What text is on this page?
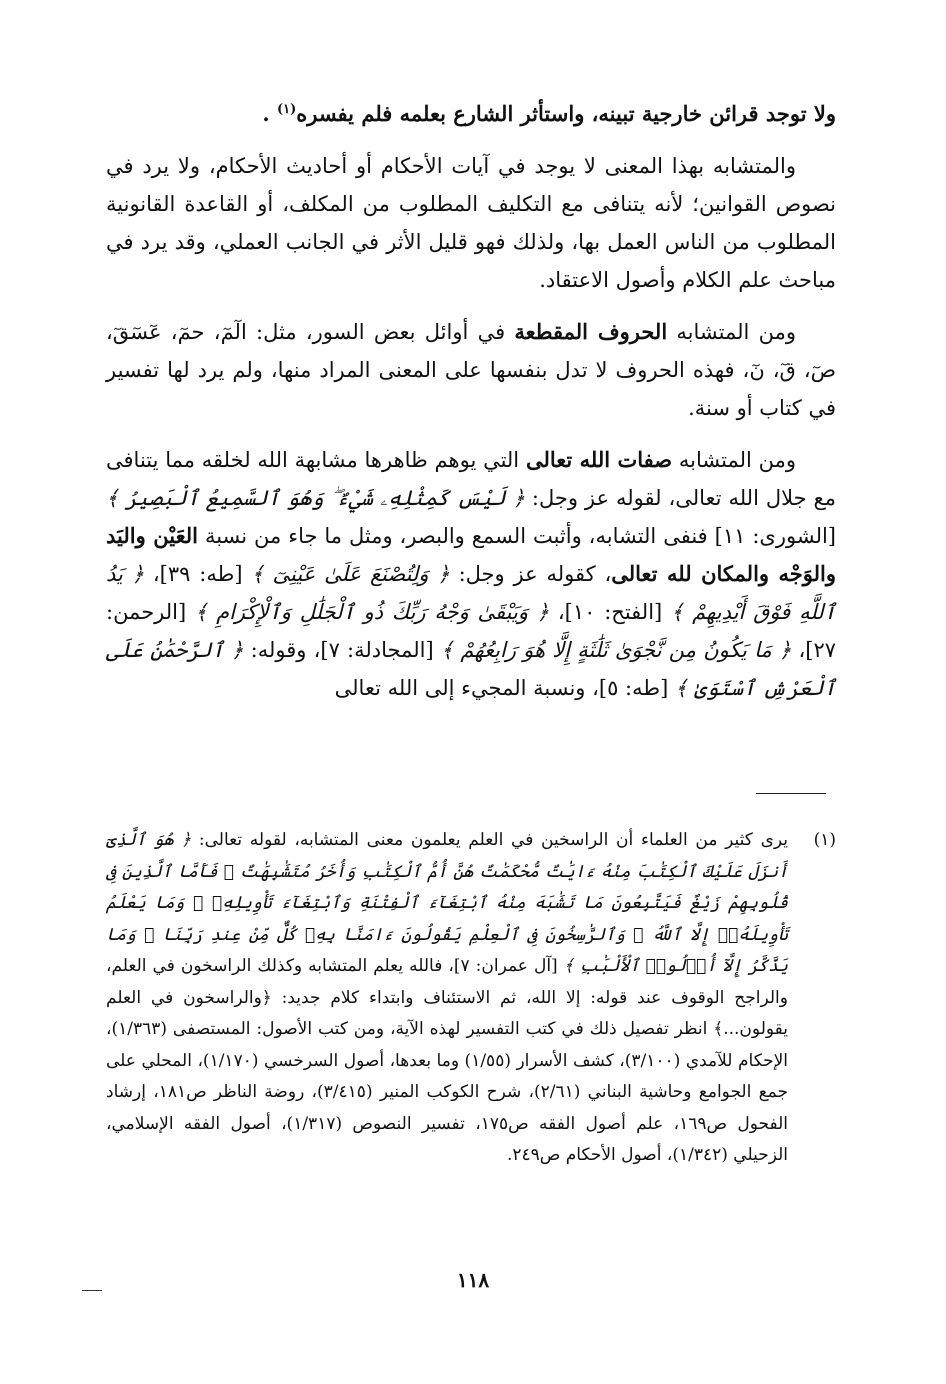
ولا توجد قرائن خارجية تبينه، واستأثر الشارع بعلمه فلم يفسره$^{(١)}$ .

والمتشابه بهذا المعنى لا يوجد في آيات الأحكام أو أحاديث الأحكام، ولا يرد في نصوص القوانين؛ لأنه يتنافى مع التكليف المطلوب من المكلف، أو القاعدة القانونية المطلوب من الناس العمل بها، ولذلك فهو قليل الأثر في الجانب العملي، وقد يرد في مباحث علم الكلام وأصول الاعتقاد.

ومن المتشابه الحروف المقطعة في أوائل بعض السور، مثل: الٓمٓ، حمٓ، عٓسٓقٓ، صٓ، قٓ، نٓ، فهذه الحروف لا تدل بنفسها على المعنى المراد منها، ولم يرد لها تفسير في كتاب أو سنة.

ومن المتشابه صفات الله تعالى التي يوهم ظاهرها مشابهة الله لخلقه مما يتنافى مع جلال الله تعالى، لقوله عز وجل: ﴿ لَيْسَ كَمِثْلِهِۦ شَيْءٌ ۖ وَهُوَ ٱلسَّمِيعُ ٱلْبَصِيرُ ﴾ [الشورى: ١١] فنفى التشابه، وأثبت السمع والبصر، ومثل ما جاء من نسبة العَيْن واليَد والوَجْه والمكان لله تعالى، كقوله عز وجل: ﴿ وَلِتُصْنَعَ عَلَىٰ عَيْنِىٓ ﴾ [طه: ٣٩]، ﴿ يَدُ ٱللَّهِ فَوْقَ أَيْدِيهِمْ ﴾ [الفتح: ١٠]، ﴿ وَيَبْقَىٰ وَجْهُ رَبِّكَ ذُو ٱلْجَلَٰلِ وَٱلْإِكْرَامِ ﴾ [الرحمن: ٢٧]، ﴿ مَا يَكُونُ مِن نَّجْوَىٰ ثَلَٰثَةٍ إِلَّا هُوَ رَابِعُهُمْ ﴾ [المجادلة: ٧]، وقوله: ﴿ ٱلرَّحْمَٰنُ عَلَى ٱلْعَرْشِ ٱسْتَوَىٰ ﴾ [طه: ٥]، ونسبة المجيء إلى الله تعالى

(١)
يرى كثير من العلماء أن الراسخين في العلم يعلمون معنى المتشابه، لقوله تعالى: ﴿ هُوَ ٱلَّذِىٓ أَنزَلَ عَلَيْكَ ٱلْكِتَٰبَ مِنْهُ ءَايَٰتٌ مُّحْكَمَٰتٌ هُنَّ أُمُّ ٱلْكِتَٰبِ وَأُخَرُ مُتَشَٰبِهَٰتٌ ۖ فَأَمَّا ٱلَّذِينَ فِى قُلُوبِهِمْ زَيْغٌ فَيَتَّبِعُونَ مَا تَشَٰبَهَ مِنْهُ ٱبْتِغَآءَ ٱلْفِتْنَةِ وَٱبْتِغَآءَ تَأْوِيلِهِۦ ۗ وَمَا يَعْلَمُ تَأْوِيلَهُۥٓ إِلَّا ٱللَّهُ ۗ وَٱلرَّٰسِخُونَ فِى ٱلْعِلْمِ يَقُولُونَ ءَامَنَّا بِهِۦ كُلٌّ مِّنْ عِندِ رَبِّنَا ۗ وَمَا يَذَّكَّرُ إِلَّآ أُو۟لُوا۟ ٱلْأَلْبَٰبِ ﴾ [آل عمران: ٧]، فالله يعلم المتشابه وكذلك الراسخون في العلم، والراجح الوقوف عند قوله: إلا الله، ثم الاستئناف وابتداء كلام جديد: ﴿والراسخون في العلم يقولون...﴾ انظر تفصيل ذلك في كتب التفسير لهذه الآية، ومن كتب الأصول: المستصفى (١/٣٦٣)، الإحكام للآمدي (٣/١٠٠)، كشف الأسرار (١/٥٥) وما بعدها، أصول السرخسي (١/١٧٠)، المحلي على جمع الجوامع وحاشية البناني (٢/٦١)، شرح الكوكب المنير (٣/٤١٥)، روضة الناظر ص١٨١، إرشاد الفحول ص١٦٩، علم أصول الفقه ص١٧٥، تفسير النصوص (١/٣١٧)، أصول الفقه الإسلامي، الزحيلي (١/٣٤٢)، أصول الأحكام ص٢٤٩.
١١٨
